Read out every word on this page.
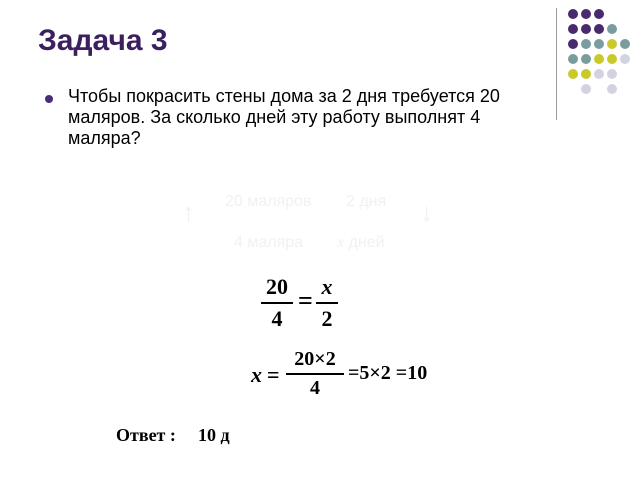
Задача 3
Чтобы покрасить стены дома за 2 дня требуется 20 маляров. За сколько дней эту работу выполнят 4 маляра?
↑ 20 маляров 2 дня ↓
4 маляра x дней
20
4
= x
2
x =
20×2
4
=5×2 =10
Ответ : 10 д
